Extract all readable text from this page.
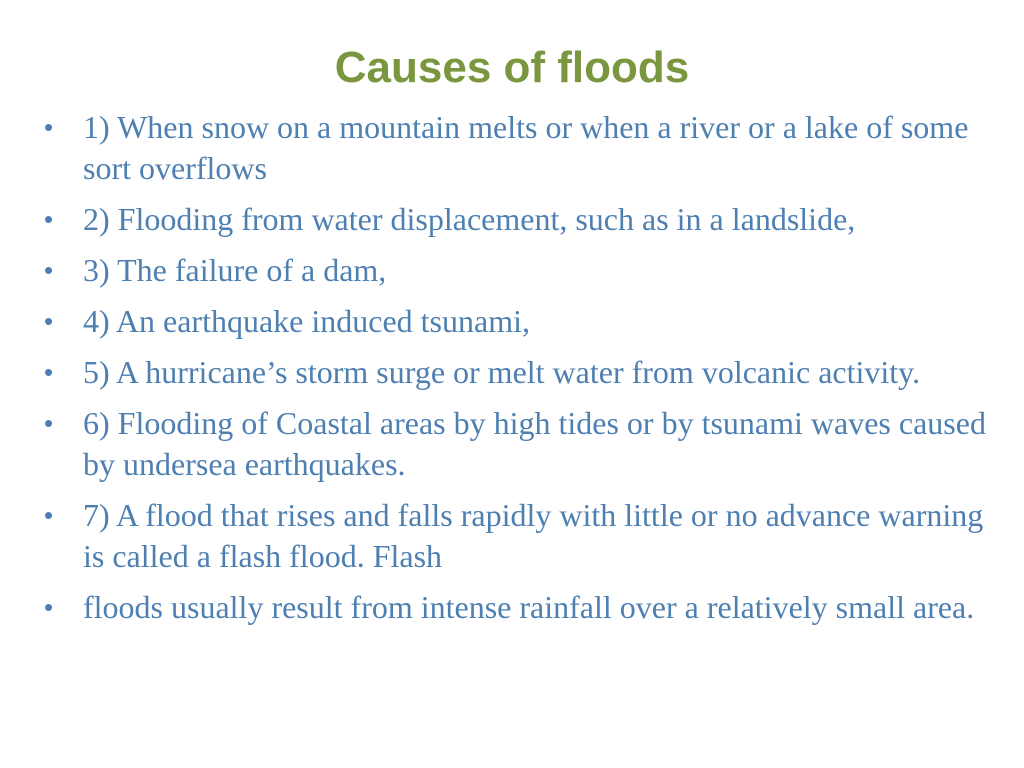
Causes of floods
• 1) When snow on a mountain melts or when a river or a lake of some sort overflows
• 2) Flooding from water displacement, such as in a landslide,
• 3) The failure of a dam,
• 4) An earthquake induced tsunami,
• 5) A hurricane’s storm surge or melt water from volcanic activity.
• 6) Flooding of Coastal areas by high tides or by tsunami waves caused by undersea earthquakes.
• 7) A flood that rises and falls rapidly with little or no advance warning is called a flash flood. Flash
• floods usually result from intense rainfall over a relatively small area.
